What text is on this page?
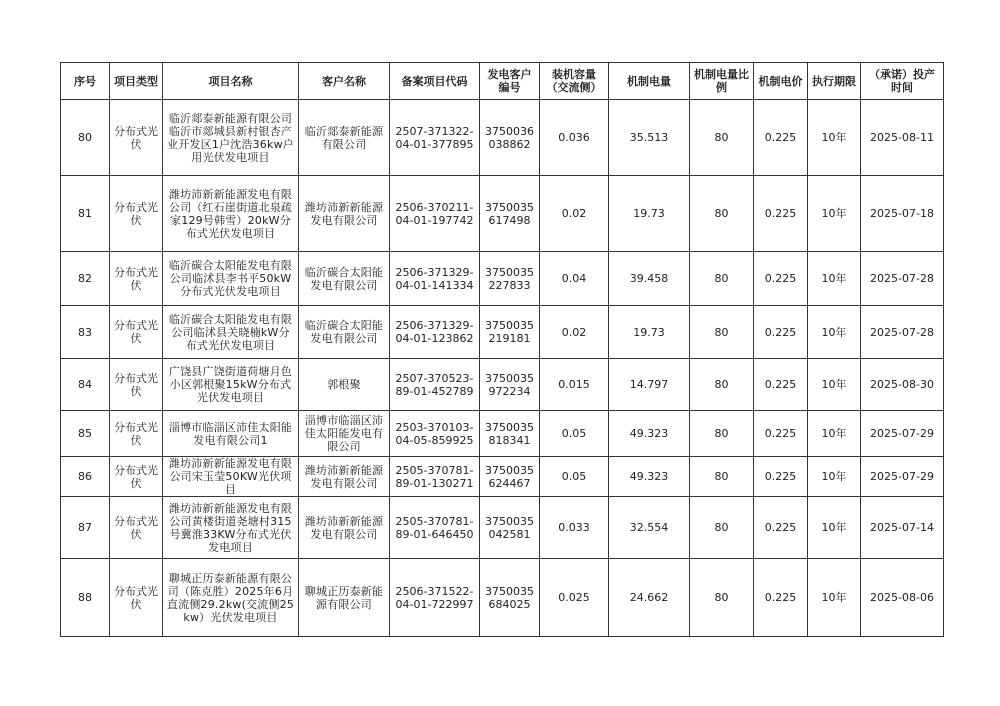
序号	项目类型	项目名称	客户名称	备案项目代码	发电客户编号	装机容量（交流侧）	机制电量	机制电量比例	机制电价	执行期限	（承诺）投产时间
80	分布式光伏	临沂郯泰新能源有限公司临沂市郯城县新村银杏产业开发区1户沈浩36kw户用光伏发电项目	临沂郯泰新能源有限公司	2507-371322-04-01-377895	3750036038862	0.036	35.513	80	0.225	10年	2025-08-11
81	分布式光伏	潍坊沛新新能源发电有限公司（红石崖街道北泉疏家129号韩雪）20kW分布式光伏发电项目	潍坊沛新新能源发电有限公司	2506-370211-04-01-197742	3750035617498	0.02	19.73	80	0.225	10年	2025-07-18
82	分布式光伏	临沂碳合太阳能发电有限公司临沭县李书平50kW分布式光伏发电项目	临沂碳合太阳能发电有限公司	2506-371329-04-01-141334	3750035227833	0.04	39.458	80	0.225	10年	2025-07-28
83	分布式光伏	临沂碳合太阳能发电有限公司临沭县关晓楠kW分布式光伏发电项目	临沂碳合太阳能发电有限公司	2506-371329-04-01-123862	3750035219181	0.02	19.73	80	0.225	10年	2025-07-28
84	分布式光伏	广饶县广饶街道荷塘月色小区郭根聚15kW分布式光伏发电项目	郭根聚	2507-370523-89-01-452789	3750035972234	0.015	14.797	80	0.225	10年	2025-08-30
85	分布式光伏	淄博市临淄区沛佳太阳能发电有限公司1	淄博市临淄区沛佳太阳能发电有限公司	2503-370103-04-05-859925	3750035818341	0.05	49.323	80	0.225	10年	2025-07-29
86	分布式光伏	潍坊沛新新能源发电有限公司宋玉莹50KW光伏项目	潍坊沛新新能源发电有限公司	2505-370781-89-01-130271	3750035624467	0.05	49.323	80	0.225	10年	2025-07-29
87	分布式光伏	潍坊沛新新能源发电有限公司黄楼街道尧塘村315号冀淮33KW分布式光伏发电项目	潍坊沛新新能源发电有限公司	2505-370781-89-01-646450	3750035042581	0.033	32.554	80	0.225	10年	2025-07-14
88	分布式光伏	聊城正历泰新能源有限公司（陈克胜）2025年6月直流侧29.2kw(交流侧25kw）光伏发电项目	聊城正历泰新能源有限公司	2506-371522-04-01-722997	3750035684025	0.025	24.662	80	0.225	10年	2025-08-06
